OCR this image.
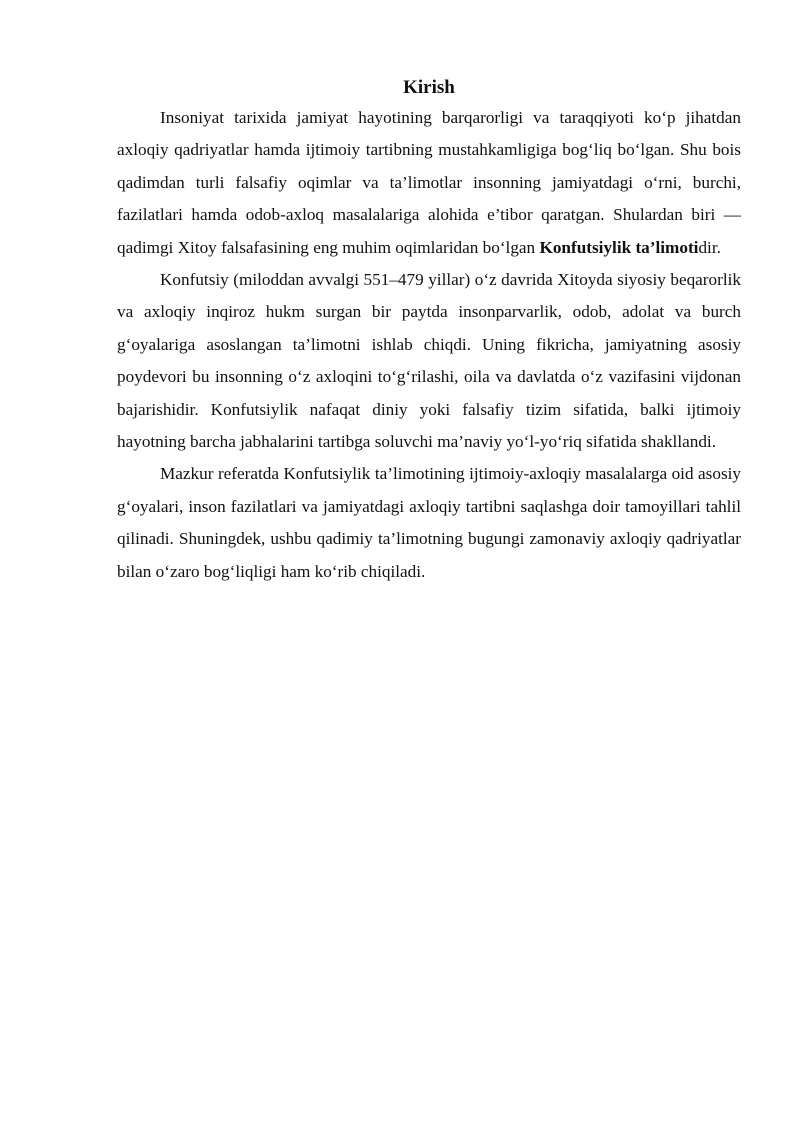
Kirish

Insoniyat tarixida jamiyat hayotining barqarorligi va taraqqiyoti ko‘p jihatdan axloqiy qadriyatlar hamda ijtimoiy tartibning mustahkamligiga bog‘liq bo‘lgan. Shu bois qadimdan turli falsafiy oqimlar va ta’limotlar insonning jamiyatdagi o‘rni, burchi, fazilatlari hamda odob-axloq masalalariga alohida e’tibor qaratgan. Shulardan biri — qadimgi Xitoy falsafasining eng muhim oqimlaridan bo‘lgan Konfutsiylik ta’limotidir.

Konfutsiy (miloddan avvalgi 551–479 yillar) o‘z davrida Xitoyda siyosiy beqarorlik va axloqiy inqiroz hukm surgan bir paytda insonparvarlik, odob, adolat va burch g‘oyalariga asoslangan ta’limotni ishlab chiqdi. Uning fikricha, jamiyatning asosiy poydevori bu insonning o‘z axloqini to‘g‘rilashi, oila va davlatda o‘z vazifasini vijdonan bajarishidir. Konfutsiylik nafaqat diniy yoki falsafiy tizim sifatida, balki ijtimoiy hayotning barcha jabhalarini tartibga soluvchi ma’naviy yo‘l-yo‘riq sifatida shakllandi.

Mazkur referatda Konfutsiylik ta’limotining ijtimoiy-axloqiy masalalarga oid asosiy g‘oyalari, inson fazilatlari va jamiyatdagi axloqiy tartibni saqlashga doir tamoyillari tahlil qilinadi. Shuningdek, ushbu qadimiy ta’limotning bugungi zamonaviy axloqiy qadriyatlar bilan o‘zaro bog‘liqligi ham ko‘rib chiqiladi.
